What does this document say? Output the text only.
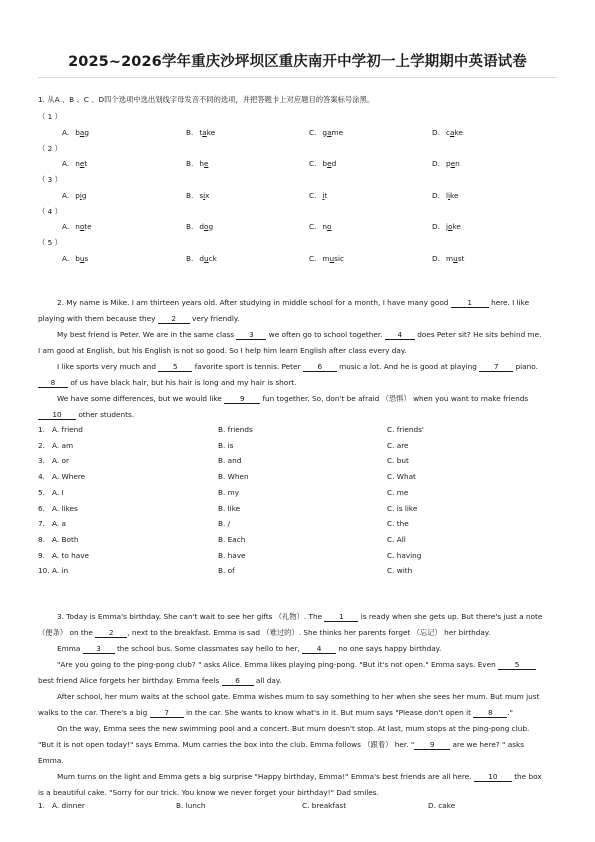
2025~2026学年重庆沙坪坝区重庆南开中学初一上学期期中英语试卷
1. 从A 、B 、C 、D四个选项中选出划线字母发音不同的选项，并把答题卡上对应题目的答案标号涂黑。
（ 1 ）
A. bag	B. take	C. game	D. cake
（ 2 ）
A. net	B. he	C. bed	D. pen
（ 3 ）
A. pig	B. six	C. it	D. like
（ 4 ）
A. note	B. dog	C. no	D. joke
（ 5 ）
A. bus	B. duck	C. music	D. must
2. My name is Mike. I am thirteen years old. After studying in middle school for a month, I have many good 1 here. I like
playing with them because they 2 very friendly.
My best friend is Peter. We are in the same class 3 we often go to school together. 4 does Peter sit? He sits behind me.
I am good at English, but his English is not so good. So I help him learn English after class every day.
I like sports very much and 5 favorite sport is tennis. Peter 6 music a lot. And he is good at playing 7 piano.
8 of us have black hair, but his hair is long and my hair is short.
We have some differences, but we would like 9 fun together. So, don't be afraid （恐惧） when you want to make friends
10 other students.
1. A. friend	B. friends	C. friends'
2. A. am	B. is	C. are
3. A. or	B. and	C. but
4. A. Where	B. When	C. What
5. A. I	B. my	C. me
6. A. likes	B. like	C. is like
7. A. a	B. /	C. the
8. A. Both	B. Each	C. All
9. A. to have	B. have	C. having
10. A. in	B. of	C. with
3. Today is Emma's birthday. She can't wait to see her gifts （礼物）. The 1 is ready when she gets up. But there's just a note
（便条） on the 2 , next to the breakfast. Emma is sad （难过的）. She thinks her parents forget （忘记） her birthday.
Emma 3 the school bus. Some classmates say hello to her, 4 no one says happy birthday.
"Are you going to the ping-pong club? " asks Alice. Emma likes playing ping-pong. "But it's not open." Emma says. Even 5
best friend Alice forgets her birthday. Emma feels 6 all day.
After school, her mum waits at the school gate. Emma wishes mum to say something to her when she sees her mum. But mum just
walks to the car. There's a big 7 in the car. She wants to know what's in it. But mum says "Please don't open it 8 ."
On the way, Emma sees the new swimming pool and a concert. But mum doesn't stop. At last, mum stops at the ping-pong club.
"But it is not open today!" says Emma. Mum carries the box into the club. Emma follows （跟着） her. " 9 are we here? " asks
Emma.
Mum turns on the light and Emma gets a big surprise "Happy birthday, Emma!" Emma's best friends are all here. 10 the box
is a beautiful cake. "Sorry for our trick. You know we never forget your birthday!" Dad smiles.
1. A. dinner	B. lunch	C. breakfast	D. cake
